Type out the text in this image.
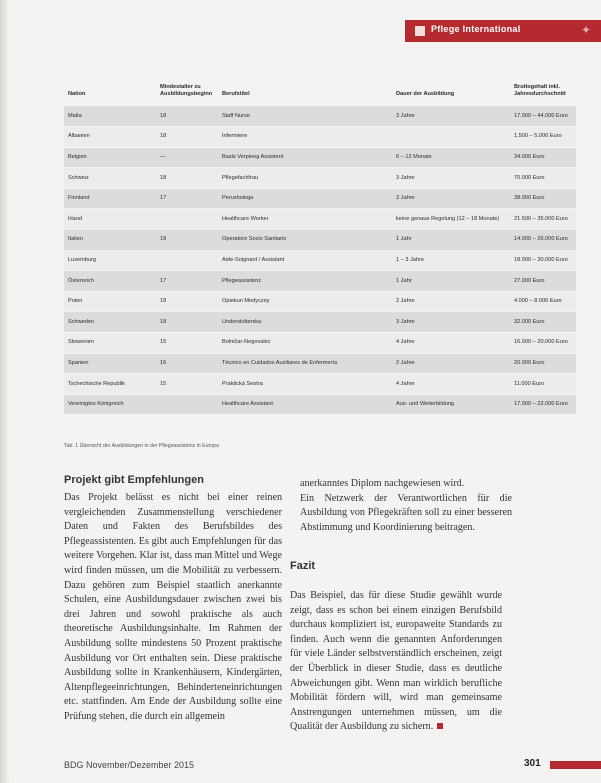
Pflege International	✦
Nation	Mindestalter zu Ausbildungsbeginn	Berufstitel	Dauer der Ausbildung	Bruttogehalt inkl. Jahresdurchschnitt
Malta	18	Staff Nurse	3 Jahre	17.000 – 44.000 Euro
Albanien	18	Infermiere		1.500 – 5.000 Euro
Belgien	—	Basis Verpleeg Assistent	6 – 12 Monate	34.000 Euro
Schweiz	18	Pflegefachfrau	3 Jahre	70.000 Euro
Finnland	17	Perushoitaja	3 Jahre	38.000 Euro
Irland		Healthcare Worker	keine genaue Regelung (12 – 18 Monate)	21.500 – 35.000 Euro
Italien	18	Operatore Socio Sanitario	1 Jahr	14.000 – 26.000 Euro
Luxemburg		Aide-Soignant / Assistant	1 – 3 Jahre	18.000 – 30.000 Euro
Österreich	17	Pflegeassistenz	1 Jahr	27.000 Euro
Polen	18	Opiekun Medyczny	2 Jahre	4.000 – 8.000 Euro
Schweden	18	Undersköterska	3 Jahre	32.000 Euro
Slowenien	15	Bolničar-Negovalec	4 Jahre	16.000 – 20.000 Euro
Spanien	16	Técnico en Cuidados Auxiliares de Enfermería	2 Jahre	20.000 Euro
Tschechische Republik	15	Praktická Sestra	4 Jahre	11.000 Euro
Vereinigtes Königreich		Healthcare Assistant	Aus- und Weiterbildung	17.000 – 22.000 Euro
Tab. 1 Übersicht der Ausbildungen in der Pflegeassistenz in Europa
Projekt gibt Empfehlungen

Das Projekt belässt es nicht bei einer reinen vergleichenden Zusammenstellung verschiedener Daten und Fakten des Berufsbildes des Pflegeassistenten. Es gibt auch Empfehlungen für das weitere Vorgehen. Klar ist, dass man Mittel und Wege wird finden müssen, um die Mobilität zu verbessern. Dazu gehören zum Beispiel staatlich anerkannte Schulen, eine Ausbildungsdauer zwischen zwei bis drei Jahren und sowohl praktische als auch theoretische Ausbildungsinhalte. Im Rahmen der Ausbildung sollte mindestens 50 Prozent praktische Ausbildung vor Ort enthalten sein. Diese praktische Ausbildung sollte in Krankenhäusern, Kindergärten, Altenpflegeeinrichtungen, Behinderteneinrichtungen etc. stattfinden. Am Ende der Ausbildung sollte eine Prüfung stehen, die durch ein allgemein

anerkanntes Diplom nachgewiesen wird.

Ein Netzwerk der Verantwortlichen für die Ausbildung von Pflegekräften soll zu einer besseren Abstimmung und Koordinierung beitragen.

Fazit

Das Beispiel, das für diese Studie gewählt wurde zeigt, dass es schon bei einem einzigen Berufsbild durchaus kompliziert ist, europaweite Standards zu finden. Auch wenn die genannten Anforderungen für viele Länder selbstverständlich erscheinen, zeigt der Überblick in dieser Studie, dass es deutliche Abweichungen gibt. Wenn man wirklich berufliche Mobilität fördern will, wird man gemeinsame Anstrengungen unternehmen müssen, um die Qualität der Ausbildung zu sichern.

BDG November/Dezember 2015	301
